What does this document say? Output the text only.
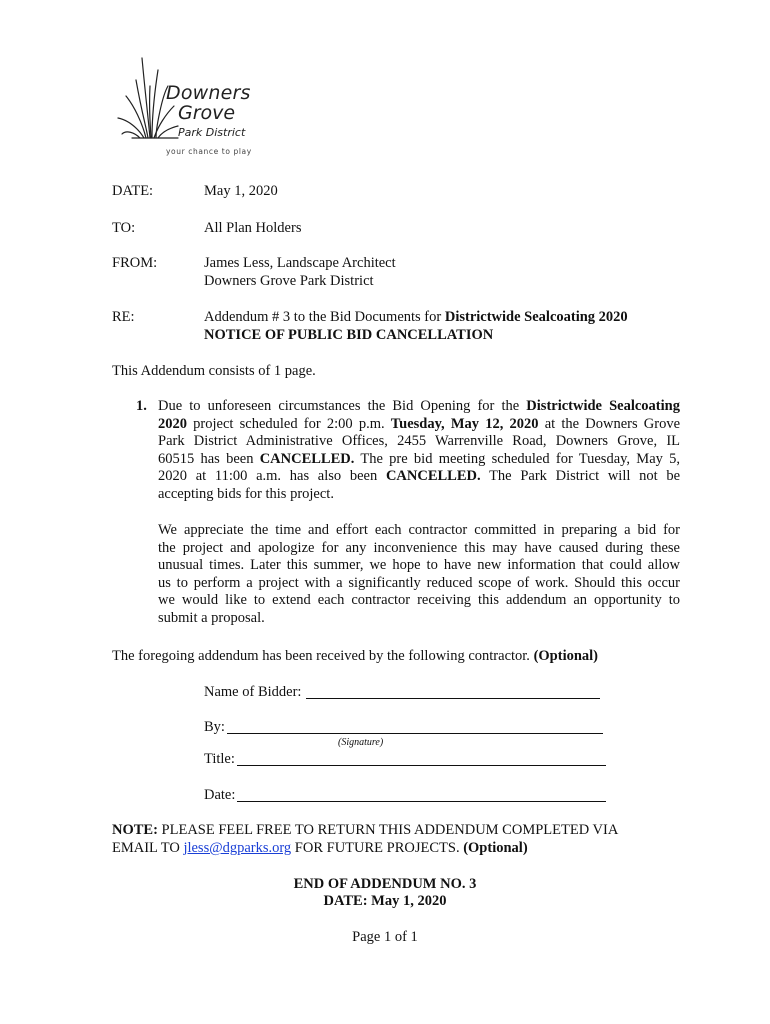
Downers
Grove
Park District
your chance to play
DATE:	May 1, 2020
TO:	All Plan Holders
FROM:	James Less, Landscape Architect
Downers Grove Park District
RE:	Addendum # 3 to the Bid Documents for Districtwide Sealcoating 2020
NOTICE OF PUBLIC BID CANCELLATION
This Addendum consists of 1 page.
1. Due to unforeseen circumstances the Bid Opening for the Districtwide Sealcoating
2020 project scheduled for 2:00 p.m. Tuesday, May 12, 2020 at the Downers Grove
Park District Administrative Offices, 2455 Warrenville Road, Downers Grove, IL
60515 has been CANCELLED. The pre bid meeting scheduled for Tuesday, May 5,
2020 at 11:00 a.m. has also been CANCELLED. The Park District will not be
accepting bids for this project.
We appreciate the time and effort each contractor committed in preparing a bid for
the project and apologize for any inconvenience this may have caused during these
unusual times. Later this summer, we hope to have new information that could allow
us to perform a project with a significantly reduced scope of work. Should this occur
we would like to extend each contractor receiving this addendum an opportunity to
submit a proposal.
The foregoing addendum has been received by the following contractor. (Optional)
Name of Bidder:
By:
(Signature)
Title:
Date:
NOTE: PLEASE FEEL FREE TO RETURN THIS ADDENDUM COMPLETED VIA
EMAIL TO jless@dgparks.org FOR FUTURE PROJECTS. (Optional)
END OF ADDENDUM NO. 3
DATE: May 1, 2020
Page 1 of 1
